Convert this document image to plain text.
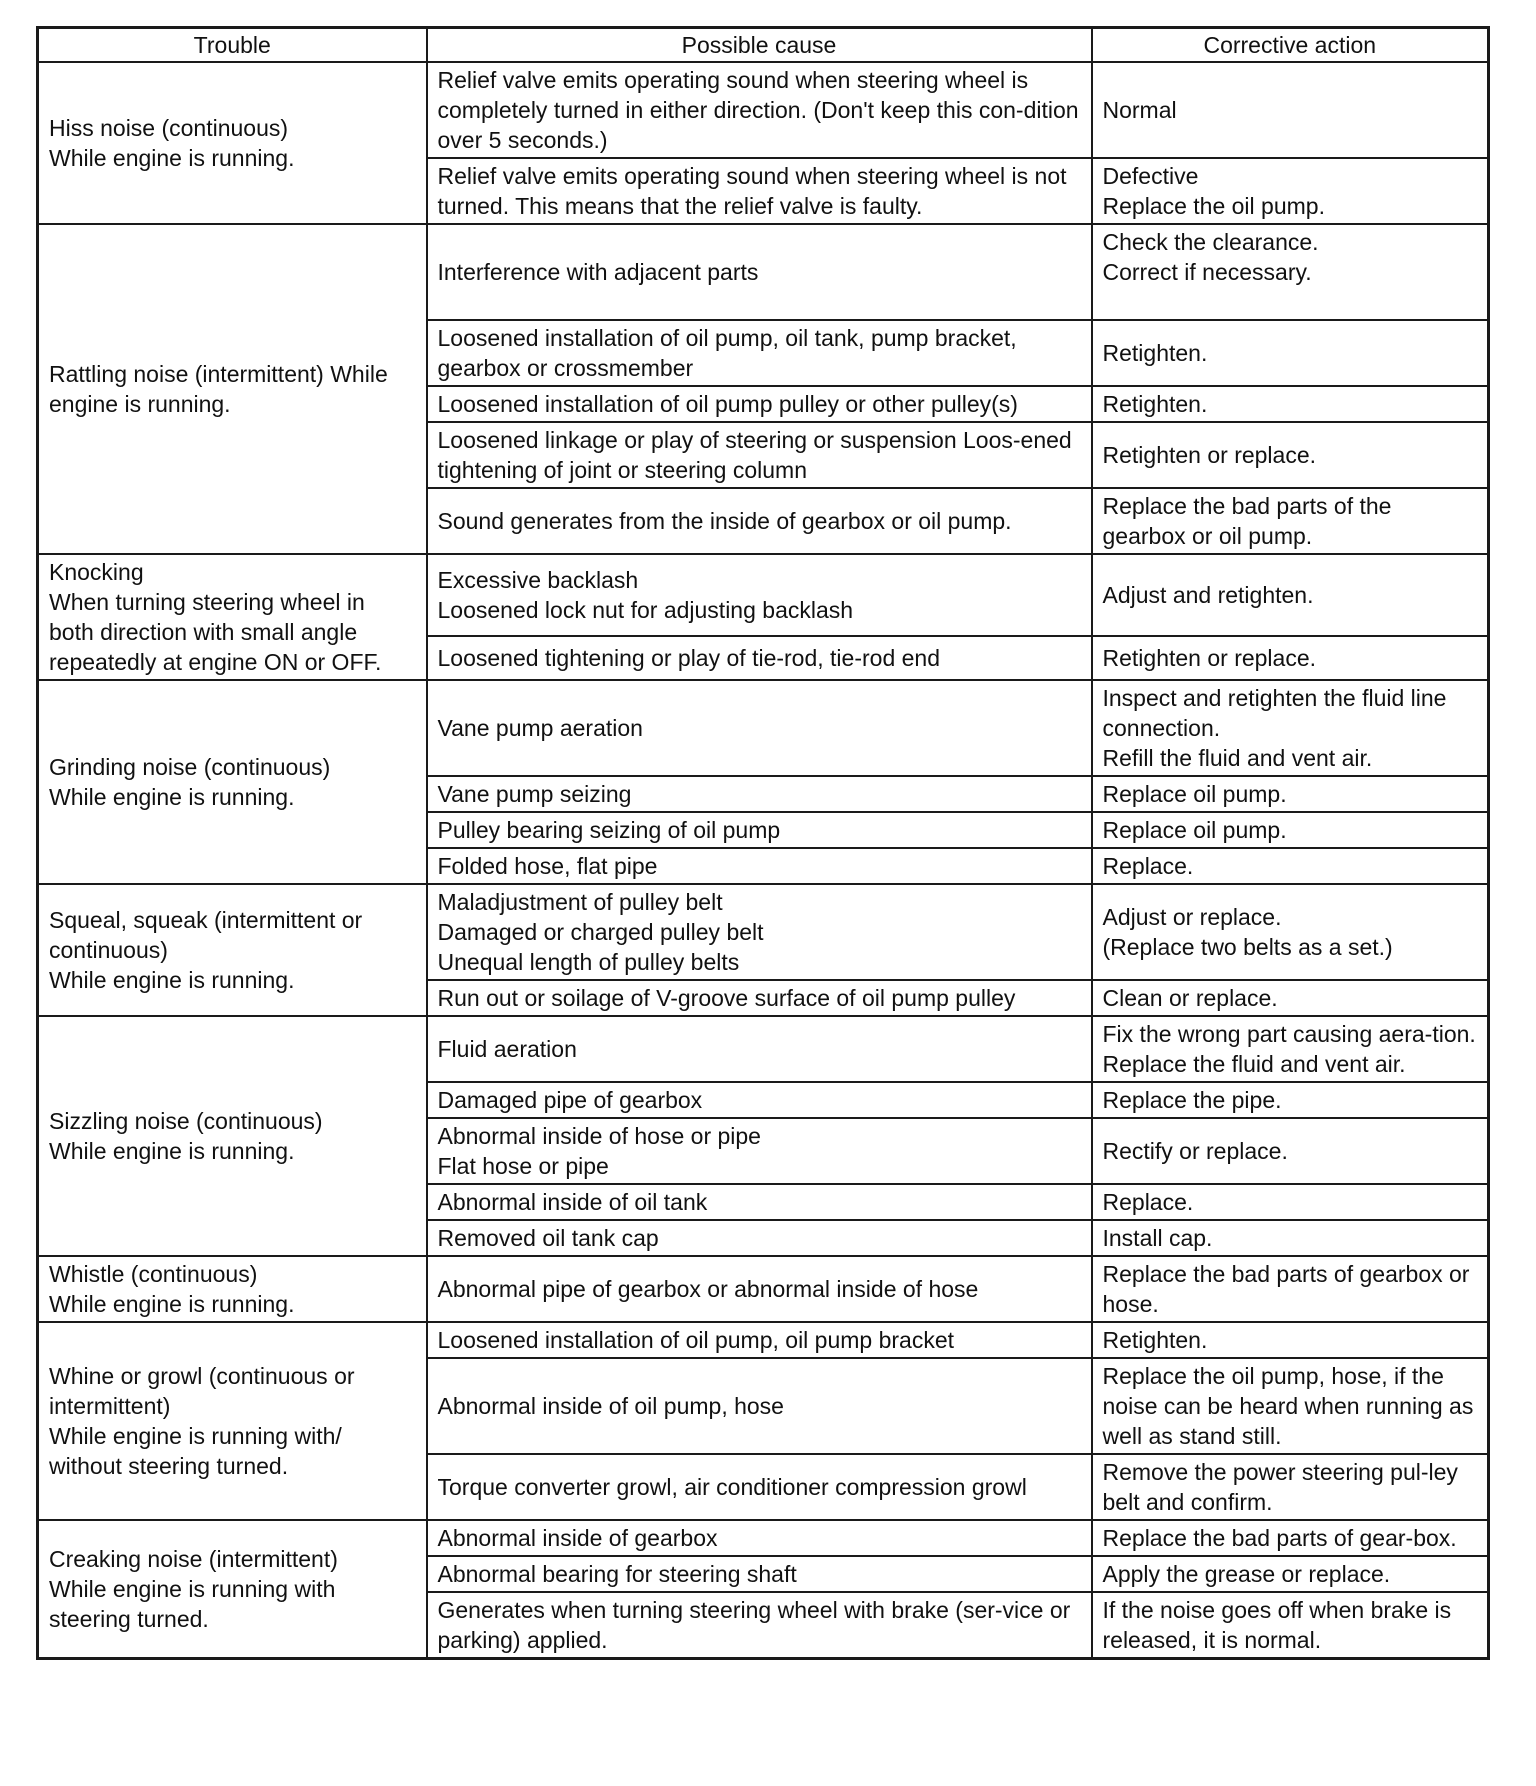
Trouble	Possible cause	Corrective action
Hiss noise (continuous)
While engine is running.	Relief valve emits operating sound when steering wheel is completely turned in either direction. (Don't keep this con-dition over 5 seconds.)	Normal
	Relief valve emits operating sound when steering wheel is not turned. This means that the relief valve is faulty.	Defective
Replace the oil pump.
Rattling noise (intermittent) While engine is running.	Interference with adjacent parts	Check the clearance.
Correct if necessary.

	Loosened installation of oil pump, oil tank, pump bracket, gearbox or crossmember	Retighten.
	Loosened installation of oil pump pulley or other pulley(s)	Retighten.
	Loosened linkage or play of steering or suspension Loos-ened tightening of joint or steering column	Retighten or replace.
	Sound generates from the inside of gearbox or oil pump.	Replace the bad parts of the gearbox or oil pump.
Knocking
When turning steering wheel in both direction with small angle repeatedly at engine ON or OFF.	Excessive backlash
Loosened lock nut for adjusting backlash	Adjust and retighten.
	Loosened tightening or play of tie-rod, tie-rod end	Retighten or replace.
Grinding noise (continuous)
While engine is running.	Vane pump aeration	Inspect and retighten the fluid line connection.
Refill the fluid and vent air.
	Vane pump seizing	Replace oil pump.
	Pulley bearing seizing of oil pump	Replace oil pump.
	Folded hose, flat pipe	Replace.
Squeal, squeak (intermittent or continuous)
While engine is running.	Maladjustment of pulley belt
Damaged or charged pulley belt
Unequal length of pulley belts	Adjust or replace.
(Replace two belts as a set.)
	Run out or soilage of V-groove surface of oil pump pulley	Clean or replace.
Sizzling noise (continuous)
While engine is running.	Fluid aeration	Fix the wrong part causing aera-tion.
Replace the fluid and vent air.
	Damaged pipe of gearbox	Replace the pipe.
	Abnormal inside of hose or pipe
Flat hose or pipe	Rectify or replace.
	Abnormal inside of oil tank	Replace.
	Removed oil tank cap	Install cap.
Whistle (continuous)
While engine is running.	Abnormal pipe of gearbox or abnormal inside of hose	Replace the bad parts of gearbox or hose.
Whine or growl (continuous or intermittent)
While engine is running with/ without steering turned.	Loosened installation of oil pump, oil pump bracket	Retighten.
	Abnormal inside of oil pump, hose	Replace the oil pump, hose, if the noise can be heard when running as well as stand still.
	Torque converter growl, air conditioner compression growl	Remove the power steering pul-ley belt and confirm.
Creaking noise (intermittent)
While engine is running with steering turned.	Abnormal inside of gearbox	Replace the bad parts of gear-box.
	Abnormal bearing for steering shaft	Apply the grease or replace.
	Generates when turning steering wheel with brake (ser-vice or parking) applied.	If the noise goes off when brake is released, it is normal.
